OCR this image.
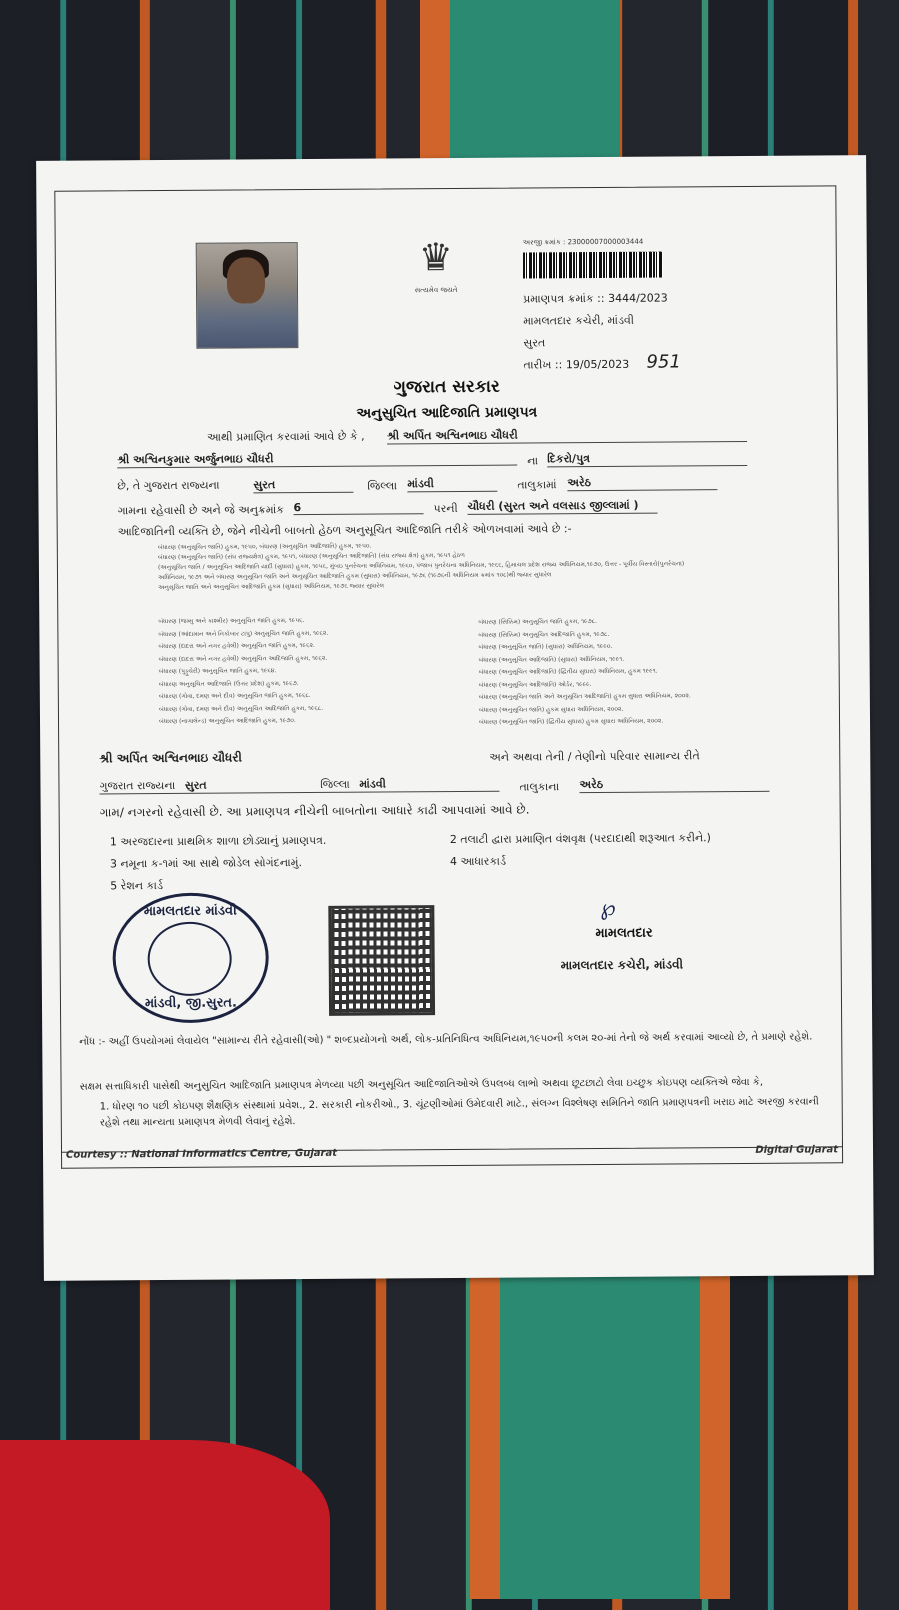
♛
સત્યમેવ જયતે
અરજી ક્રમાંક : 23000007000003444
પ્રમાણપત્ર ક્રમાંક :: 3444/2023
મામલતદાર કચેરી, માંડવી
સુરત
તારીખ :: 19/05/2023 951
ગુજરાત સરકાર
અનુસુચિત આદિજાતિ પ્રમાણપત્ર
આથી પ્રમાણિત કરવામાં આવે છે કે , શ્રી અર્પિત અશ્વિનભાઇ ચૌધરી
શ્રી અશ્વિનકુમાર અર્જુનભાઇ ચૌધરી	ના દિકરો/પુત્ર
છે, તે ગુજરાત રાજ્યના	સુરત	જિલ્લા માંડવી	તાલુકામાં અરેઠ
ગામના રહેવાસી છે અને જે અનુક્રમાંક 6	પરની ચૌધરી (સુરત અને વલસાડ જીલ્લામાં )
આદિજાતિની વ્યક્તિ છે, જેને નીચેની બાબતો હેઠળ અનુસૂચિત આદિજાતિ તરીકે ઓળખવામાં આવે છે :-
બંધારણ (અનુસૂચિત જાતિ) હુકમ, ૧૯૫૦, બંધારણ (અનુસૂચિત આદિજાતિ) હુકમ, ૧૯૫૦.
બંધારણ (અનુસૂચિત જાતિ) (સંઘ રાજ્યક્ષેત્ર) હુકમ, ૧૯૫૧, બંધારણ (અનુસૂચિત આદિજાતિ) (સંઘ રાજ્ય ક્ષેત્ર) હુકમ, ૧૯૫૧ હેઠળ
(અનુસૂચિત જાતિ / અનુસૂચિત આદિજાતિ યાદી (સુધારા) હુકમ, ૧૯૫૬, મુંબઇ પુનર્રચના અધિનિયમ, ૧૯૬૦, પંજાબ પુનર્રચના અધિનિયમ, ૧૯૬૬, હિમાચલ પ્રદેશ રાજ્ય અધિનિયમ,૧૯૭૦, ઉત્તર - પૂર્વીય વિસ્તારો(પુનર્રચના)
અધિનિયમ, ૧૯૭૧ અને બંધારણ અનુસૂચિત જાતિ અને અનુસૂચિત આદિજાતિ હુકમ (સુધારા) અધિનિયમ, ૧૯૭૬ (૧૯૭૬ની અધિનિયમ ક્રમાંક ૧૦૮)થી જ્યાર સુધારેલ
અનુસૂચિત જાતિ અને અનુસૂચિત આદિજાતિ હુકમ (સુધારા) અધિનિયમ, ૧૯૭૬ જ્યાર સુધારેલ
બંધારણ (જમ્મુ અને કાશ્મીર) અનુસૂચિત જાતિ હુકમ, ૧૯૫૬.
બંધારણ (આંદામાન અને નિકોબાર ટાપુ) અનુસૂચિત જાતિ હુકમ, ૧૯૬૨.
બંધારણ (દાદરા અને નગર હવેલી) અનુસૂચિત જાતિ હુકમ, ૧૯૬૨.
બંધારણ (દાદરા અને નગર હવેલી) અનુસૂચિત આદિજાતિ હુકમ, ૧૯૬૨.
બંધારણ (પુડ્ડુચેરી) અનુસૂચિત જાતિ હુકમ, ૧૯૬૪.
બંધારણ અનુસૂચિત આદિજાતિ (ઉત્તર પ્રદેશ) હુકમ, ૧૯૬૭.
બંધારણ (ગોવા, દમણ અને દીવ) અનુસૂચિત જાતિ હુકમ, ૧૯૬૮.
બંધારણ (ગોવા, દમણ અને દીવ) અનુસૂચિત આદિજાતિ હુકમ, ૧૯૬૮.
બંધારણ (નાગાલેન્ડ) અનુસૂચિત આદિજાતિ હુકમ, ૧૯૭૦.
બંધારણ (સિક્કિમ) અનુસૂચિત જાતિ હુકમ, ૧૯૭૮.
બંધારણ (સિક્કિમ) અનુસૂચિત આદિજાતિ હુકમ, ૧૯૭૮.
બંધારણ (અનુસૂચિત જાતિ) (સુધારા) અધિનિયમ, ૧૯૯૦.
બંધારણ (અનુસૂચિત આદિજાતિ) (સુધારા) અધિનિયમ, ૧૯૯૧.
બંધારણ (અનુસૂચિત આદિજાતિ) (દ્વિતીય સુધારા) અધિનિયમ, હુકમ ૧૯૯૧.
બંધારણ (અનુસૂચિત આદિજાતિ) ઓર્ડર, ૧૯૯૯.
બંધારણ (અનુસૂચિત જાતિ અને અનુસૂચિત આદિજાતિ) હુકમ સુધારા અધિનિયમ, ૨૦૦૨.
બંધારણ (અનુસૂચિત જાતિ) હુકમ સુધારા અધિનિયમ, ૨૦૦૨.
બંધારણ (અનુસૂચિત જાતિ) (દ્વિતીય સુધારા) હુકમ સુધારા અધિનિયમ, ૨૦૦૨.
શ્રી અર્પિત અશ્વિનભાઇ ચૌધરી	અને અથવા તેની / તેણીનો પરિવાર સામાન્ય રીતે
ગુજરાત રાજ્યના સુરત	જિલ્લા માંડવી	તાલુકાના અરેઠ
ગામ/ નગરનો રહેવાસી છે. આ પ્રમાણપત્ર નીચેની બાબતોના આધારે કાઢી આપવામાં આવે છે.
1 અરજદારના પ્રાથમિક શાળા છોડ્યાનું પ્રમાણપત્ર.	2 તલાટી દ્વારા પ્રમાણિત વંશવૃક્ષ (પરદાદાથી શરૂઆત કરીને.)
3 નમૂના ક-૧માં આ સાથે જોડેલ સોગંદનામું.	4 આધારકાર્ડ
5 રેશન કાર્ડ
મામલતદાર માંડવી
માંડવી, જી.સુરત.
℘
મામલતદાર
મામલતદાર કચેરી, માંડવી
નોંધ :- અહીં ઉપયોગમાં લેવાયેલ "સામાન્ય રીતે રહેવાસી(ઓ) " શબ્દપ્રયોગનો અર્થ, લોક-પ્રતિનિધિત્વ અધિનિયમ,૧૯૫૦ની કલમ ૨૦-માં તેનો જે અર્થ કરવામાં આવ્યો છે, તે પ્રમાણે રહેશે.
સક્ષમ સત્તાધિકારી પાસેથી અનુસુચિત આદિજાતિ પ્રમાણપત્ર મેળવ્યા પછી અનુસૂચિત આદિજાતિઓએ ઉપલબ્ધ લાભો અથવા છૂટછાટો લેવા ઇચ્છુક કોઇપણ વ્યક્તિએ જેવા કે,
1. ધોરણ ૧૦ પછી કોઇપણ શૈક્ષણિક સંસ્થામાં પ્રવેશ., 2. સરકારી નોકરીઓ., 3. ચૂંટણીઓમાં ઉમેદવારી માટે., સંલગ્ન વિશ્લેષણ સમિતિને જાતિ પ્રમાણપત્રની ખરાઇ માટે અરજી કરવાની રહેશે તથા માન્યતા પ્રમાણપત્ર મેળવી લેવાનું રહેશે.
Courtesy :: National Informatics Centre, Gujarat	Digital Gujarat
